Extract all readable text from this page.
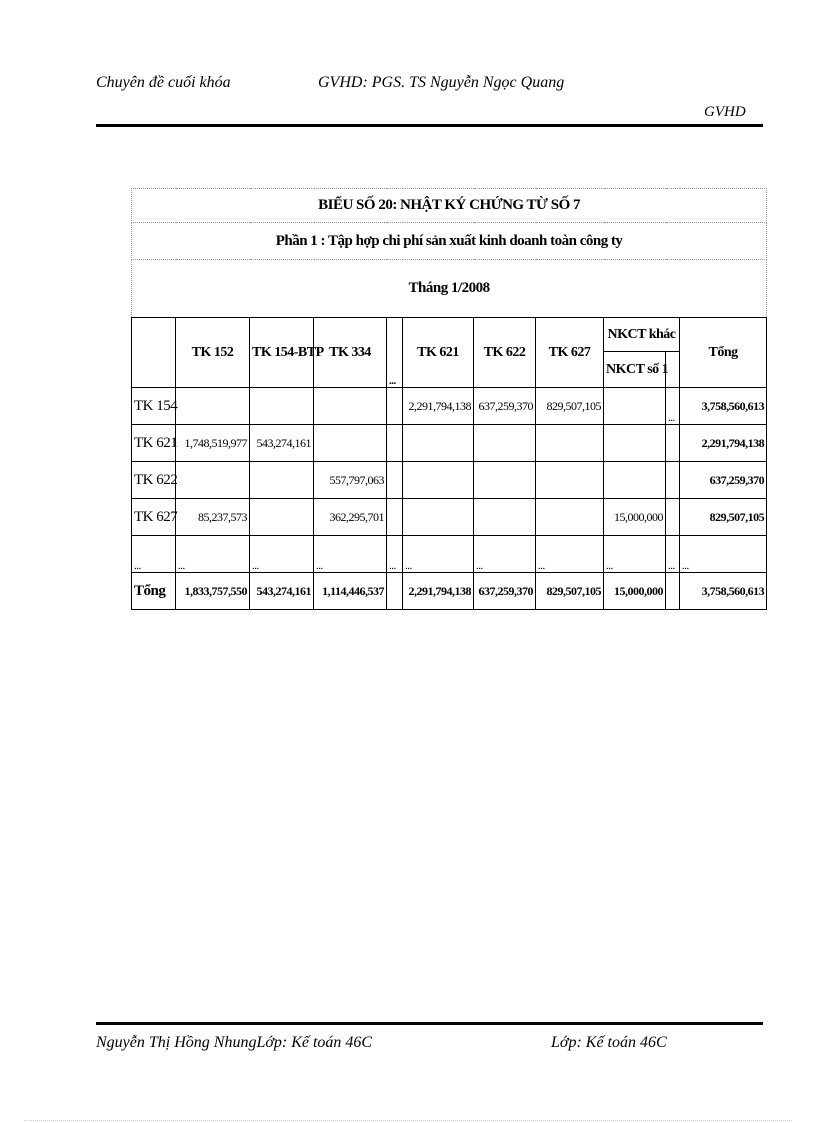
Chuyên đề cuối khóa	GVHD: PGS. TS Nguyễn Ngọc Quang
GVHD
BIỂU SỐ 20: NHẬT KÝ CHỨNG TỪ SỐ 7										
Phần 1 : Tập hợp chi phí sản xuất kinh doanh toàn công ty										
Tháng 1/2008										
	TK 152	TK 154-BTP	TK 334	...	TK 621	TK 622	TK 627	NKCT khác		Tổng
								NKCT số 1		
TK 154					2,291,794,138	637,259,370	829,507,105		...	3,758,560,613
TK 621	1,748,519,977	543,274,161								2,291,794,138
TK 622			557,797,063							637,259,370
TK 627	85,237,573		362,295,701					15,000,000		829,507,105
...	...	...	...	...	...	...	...	...	...	...
Tổng	1,833,757,550	543,274,161	1,114,446,537		2,291,794,138	637,259,370	829,507,105	15,000,000		3,758,560,613
Nguyễn Thị Hồng NhungLớp: Kế toán 46C	Lớp: Kế toán 46C
